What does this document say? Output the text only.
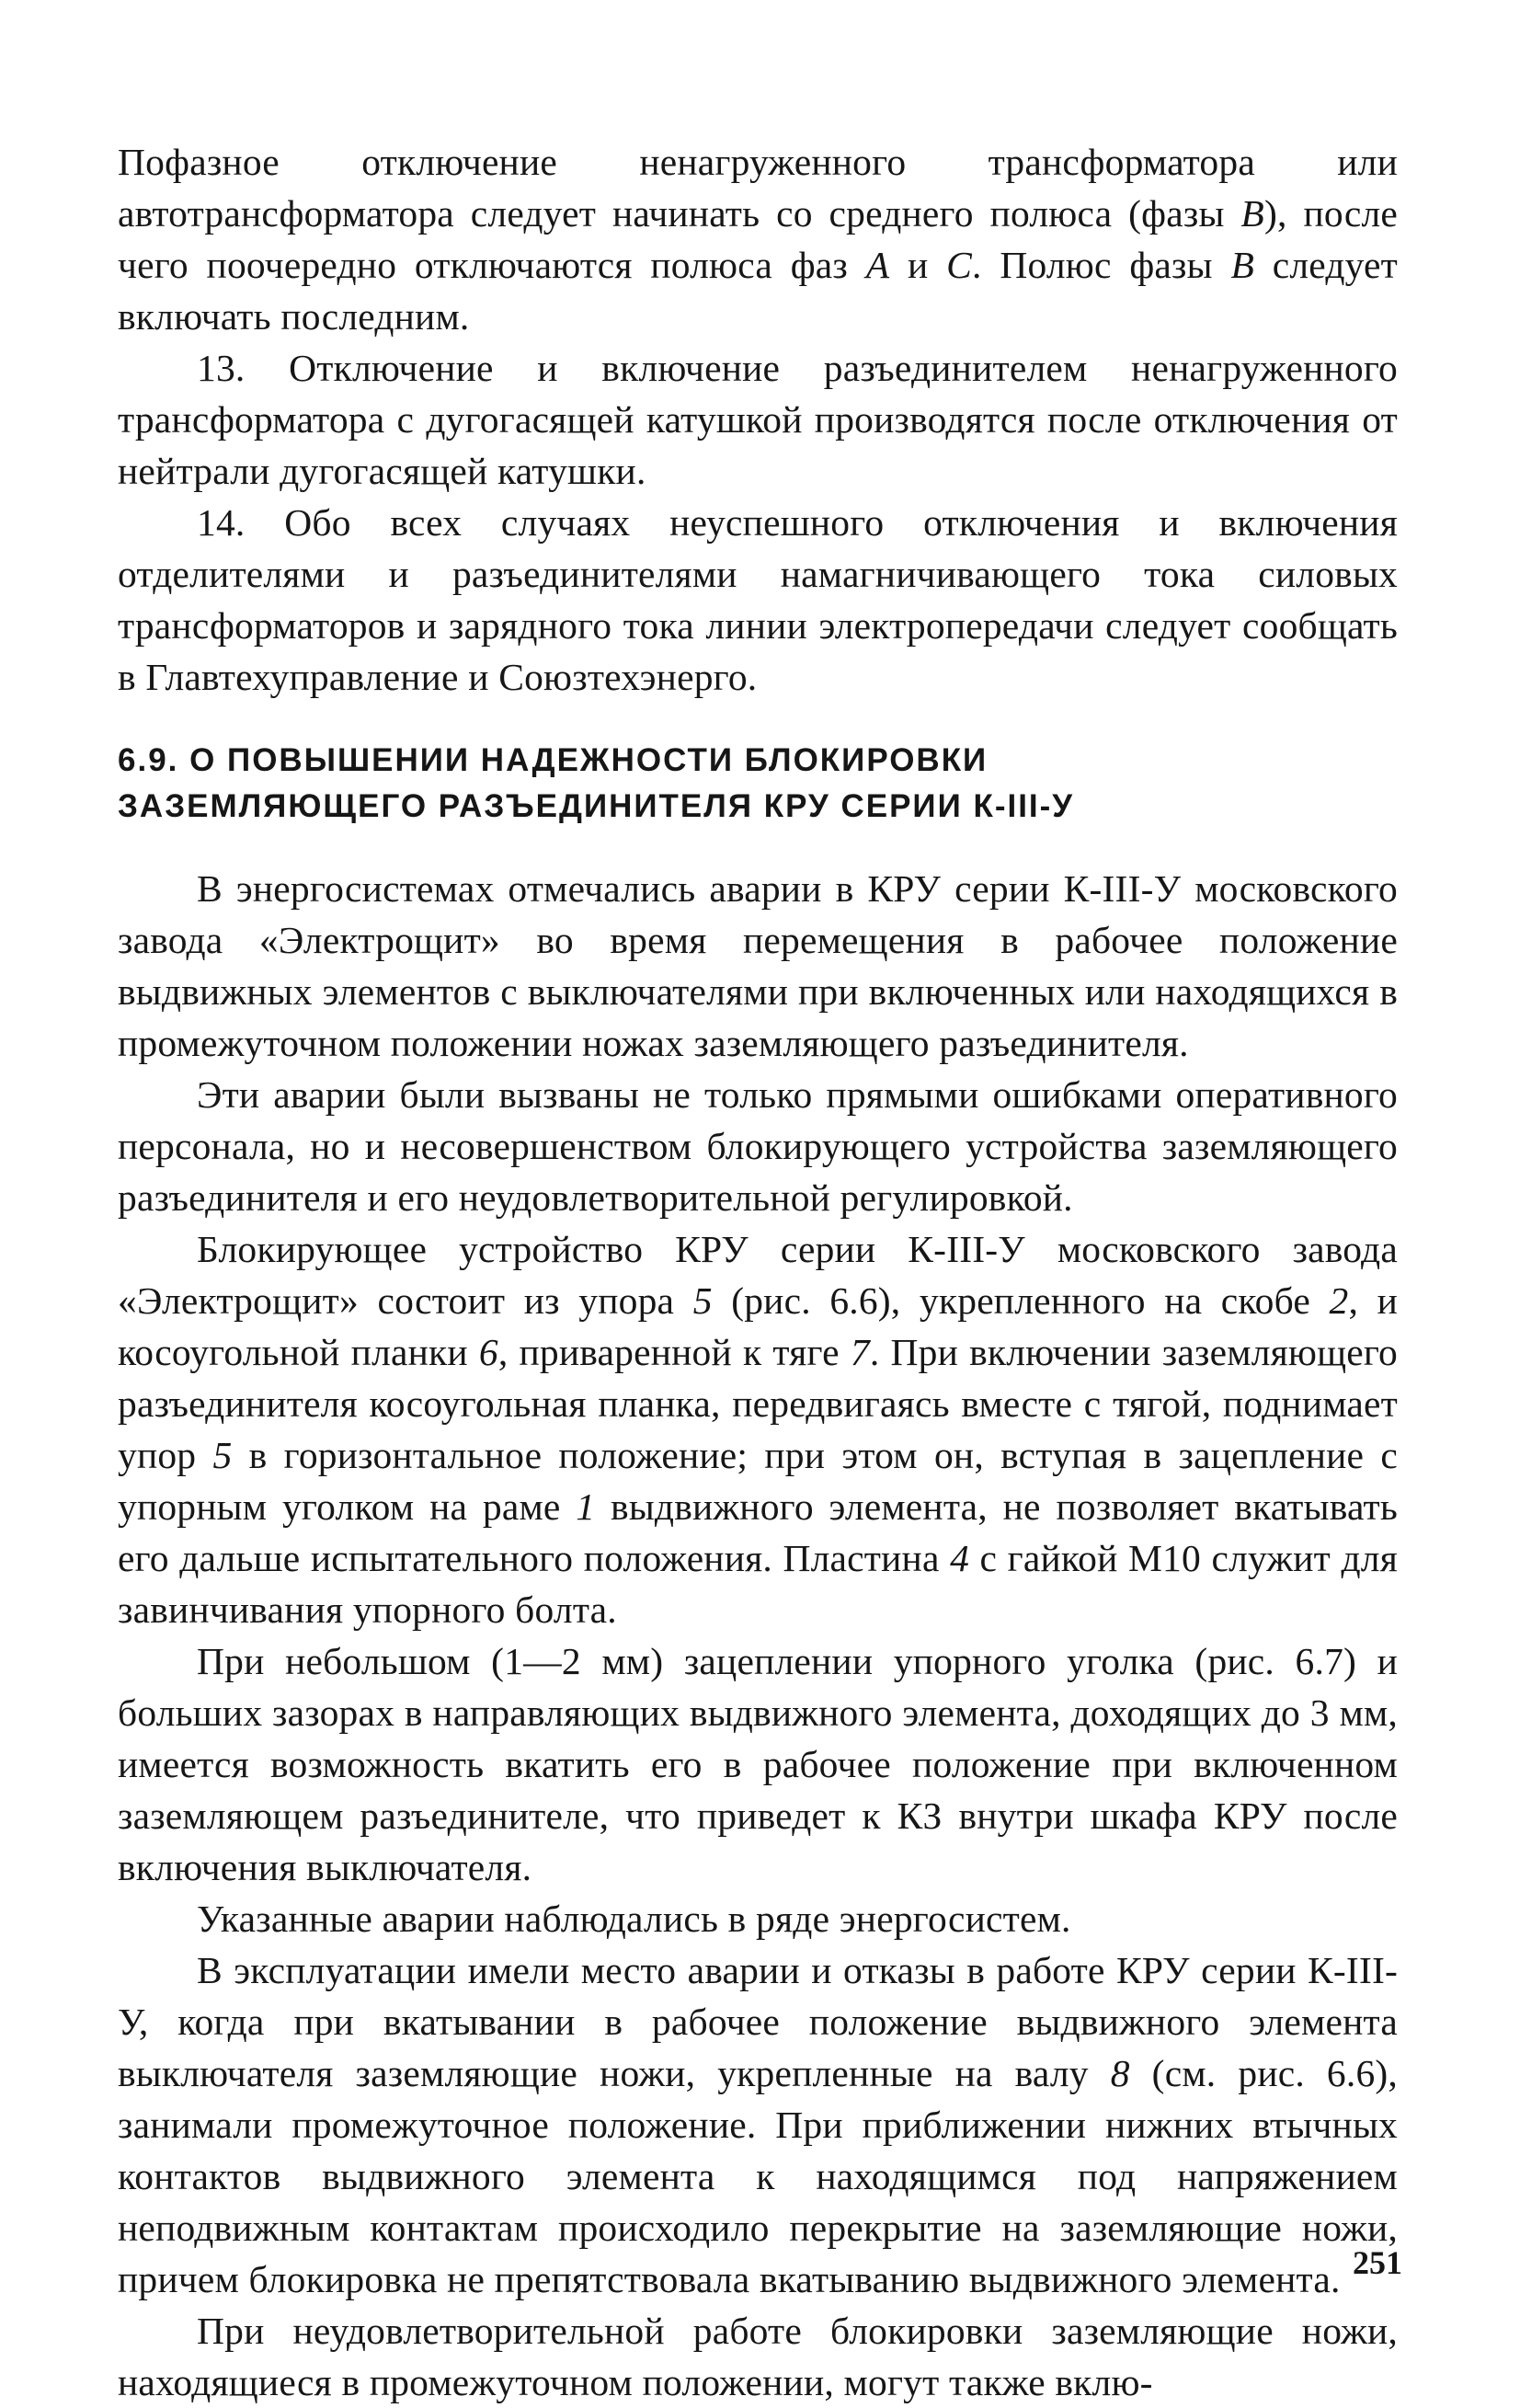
Пофазное отключение ненагруженного трансформатора или автотрансформатора следует начинать со среднего полюса (фазы В), после чего поочередно отключаются полюса фаз А и С. Полюс фазы В следует включать последним.

13. Отключение и включение разъединителем ненагруженного трансформатора с дугогасящей катушкой производятся после отключения от нейтрали дугогасящей катушки.

14. Обо всех случаях неуспешного отключения и включения отделителями и разъединителями намагничивающего тока силовых трансформаторов и зарядного тока линии электропередачи следует сообщать в Главтехуправление и Союзтехэнерго.

6.9. О ПОВЫШЕНИИ НАДЕЖНОСТИ БЛОКИРОВКИ
ЗАЗЕМЛЯЮЩЕГО РАЗЪЕДИНИТЕЛЯ КРУ СЕРИИ К-III-У

В энергосистемах отмечались аварии в КРУ серии К-III-У московского завода «Электрощит» во время перемещения в рабочее положение выдвижных элементов с выключателями при включенных или находящихся в промежуточном положении ножах заземляющего разъединителя.

Эти аварии были вызваны не только прямыми ошибками оперативного персонала, но и несовершенством блокирующего устройства заземляющего разъединителя и его неудовлетворительной регулировкой.

Блокирующее устройство КРУ серии К-III-У московского завода «Электрощит» состоит из упора 5 (рис. 6.6), укрепленного на скобе 2, и косоугольной планки 6, приваренной к тяге 7. При включении заземляющего разъединителя косоугольная планка, передвигаясь вместе с тягой, поднимает упор 5 в горизонтальное положение; при этом он, вступая в зацепление с упорным уголком на раме 1 выдвижного элемента, не позволяет вкатывать его дальше испытательного положения. Пластина 4 с гайкой М10 служит для завинчивания упорного болта.

При небольшом (1—2 мм) зацеплении упорного уголка (рис. 6.7) и больших зазорах в направляющих выдвижного элемента, доходящих до 3 мм, имеется возможность вкатить его в рабочее положение при включенном заземляющем разъединителе, что приведет к КЗ внутри шкафа КРУ после включения выключателя.

Указанные аварии наблюдались в ряде энергосистем.

В эксплуатации имели место аварии и отказы в работе КРУ серии К-III-У, когда при вкатывании в рабочее положение выдвижного элемента выключателя заземляющие ножи, укрепленные на валу 8 (см. рис. 6.6), занимали промежуточное положение. При приближении нижних втычных контактов выдвижного элемента к находящимся под напряжением неподвижным контактам происходило перекрытие на заземляющие ножи, причем блокировка не препятствовала вкатыванию выдвижного элемента.

При неудовлетворительной работе блокировки заземляющие ножи, находящиеся в промежуточном положении, могут также вклю-

251
